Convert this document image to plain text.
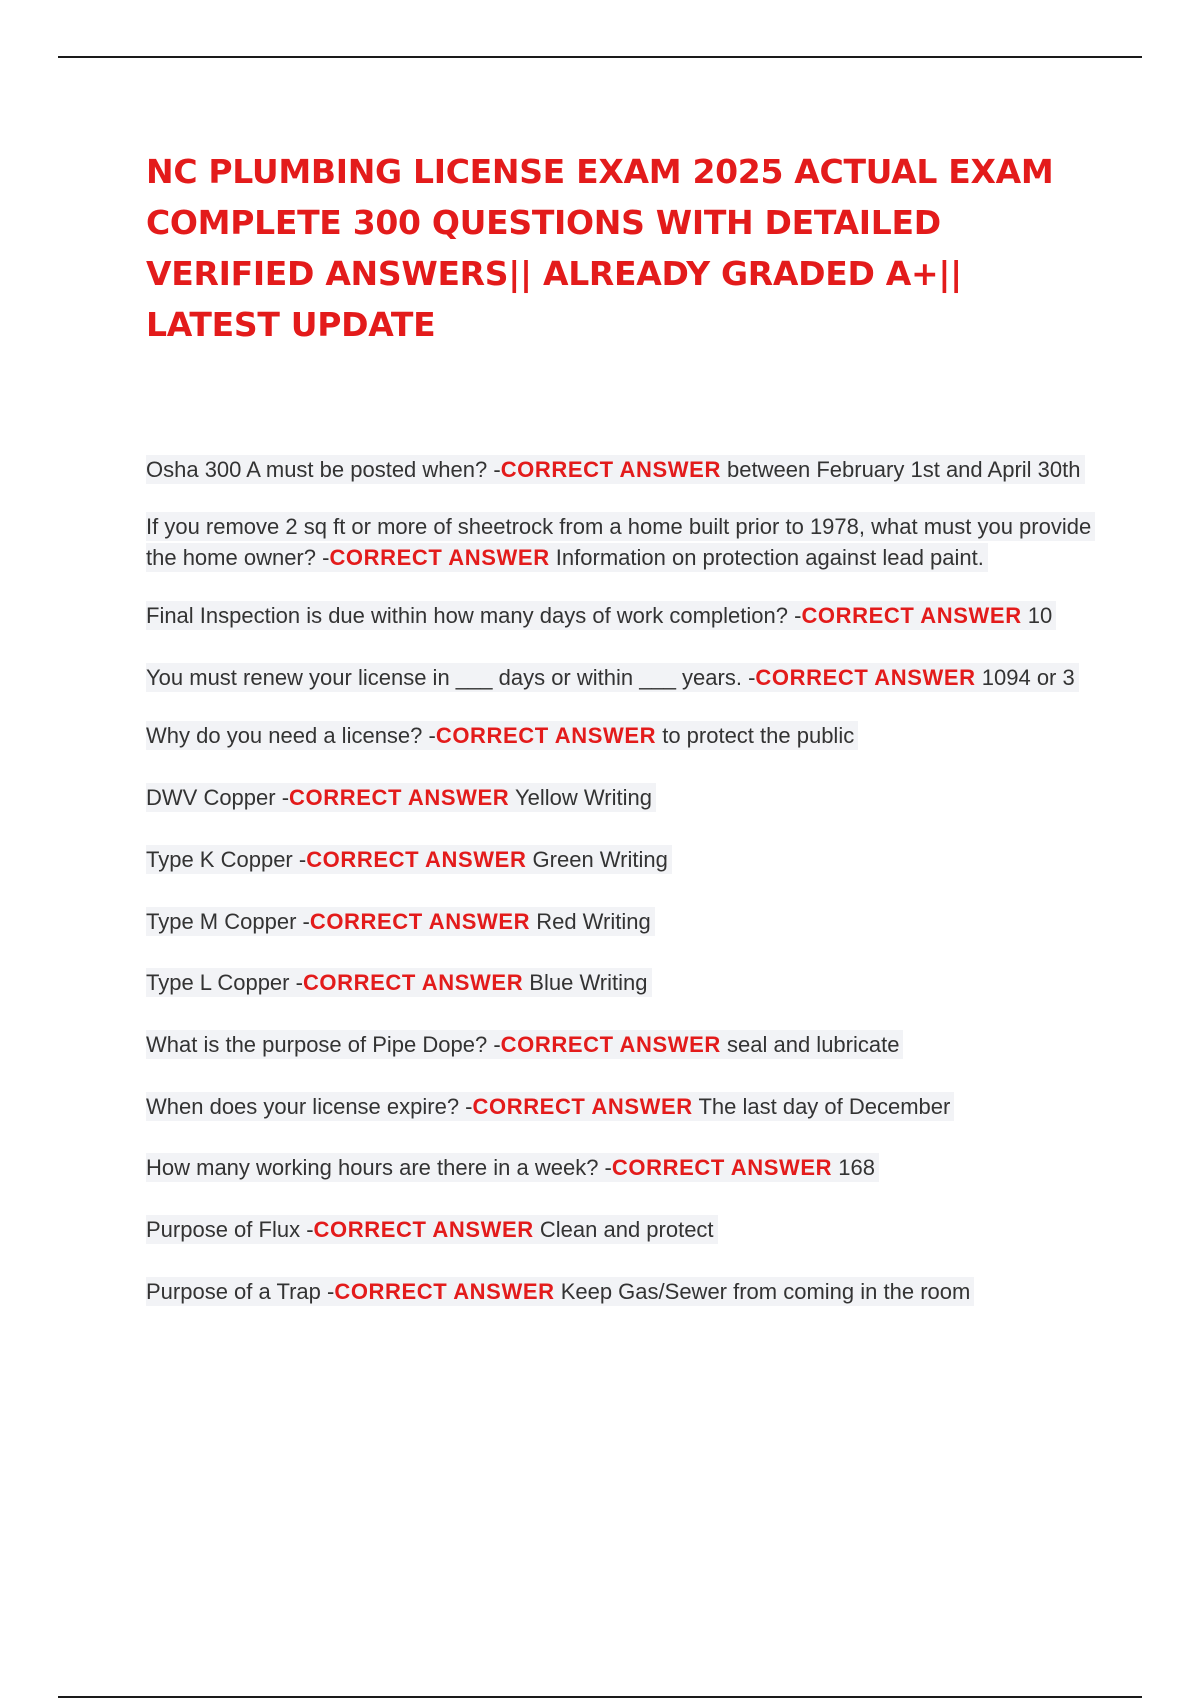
NC PLUMBING LICENSE EXAM 2025 ACTUAL EXAM COMPLETE 300 QUESTIONS WITH DETAILED VERIFIED ANSWERS|| ALREADY GRADED A+|| LATEST UPDATE
Osha 300 A must be posted when? -CORRECT ANSWER between February 1st and April 30th
If you remove 2 sq ft or more of sheetrock from a home built prior to 1978, what must you provide the home owner? -CORRECT ANSWER Information on protection against lead paint.
Final Inspection is due within how many days of work completion? -CORRECT ANSWER 10
You must renew your license in ___ days or within ___ years. -CORRECT ANSWER 1094 or 3
Why do you need a license? -CORRECT ANSWER to protect the public
DWV Copper -CORRECT ANSWER Yellow Writing
Type K Copper -CORRECT ANSWER Green Writing
Type M Copper -CORRECT ANSWER Red Writing
Type L Copper -CORRECT ANSWER Blue Writing
What is the purpose of Pipe Dope? -CORRECT ANSWER seal and lubricate
When does your license expire? -CORRECT ANSWER The last day of December
How many working hours are there in a week? -CORRECT ANSWER 168
Purpose of Flux -CORRECT ANSWER Clean and protect
Purpose of a Trap -CORRECT ANSWER Keep Gas/Sewer from coming in the room
